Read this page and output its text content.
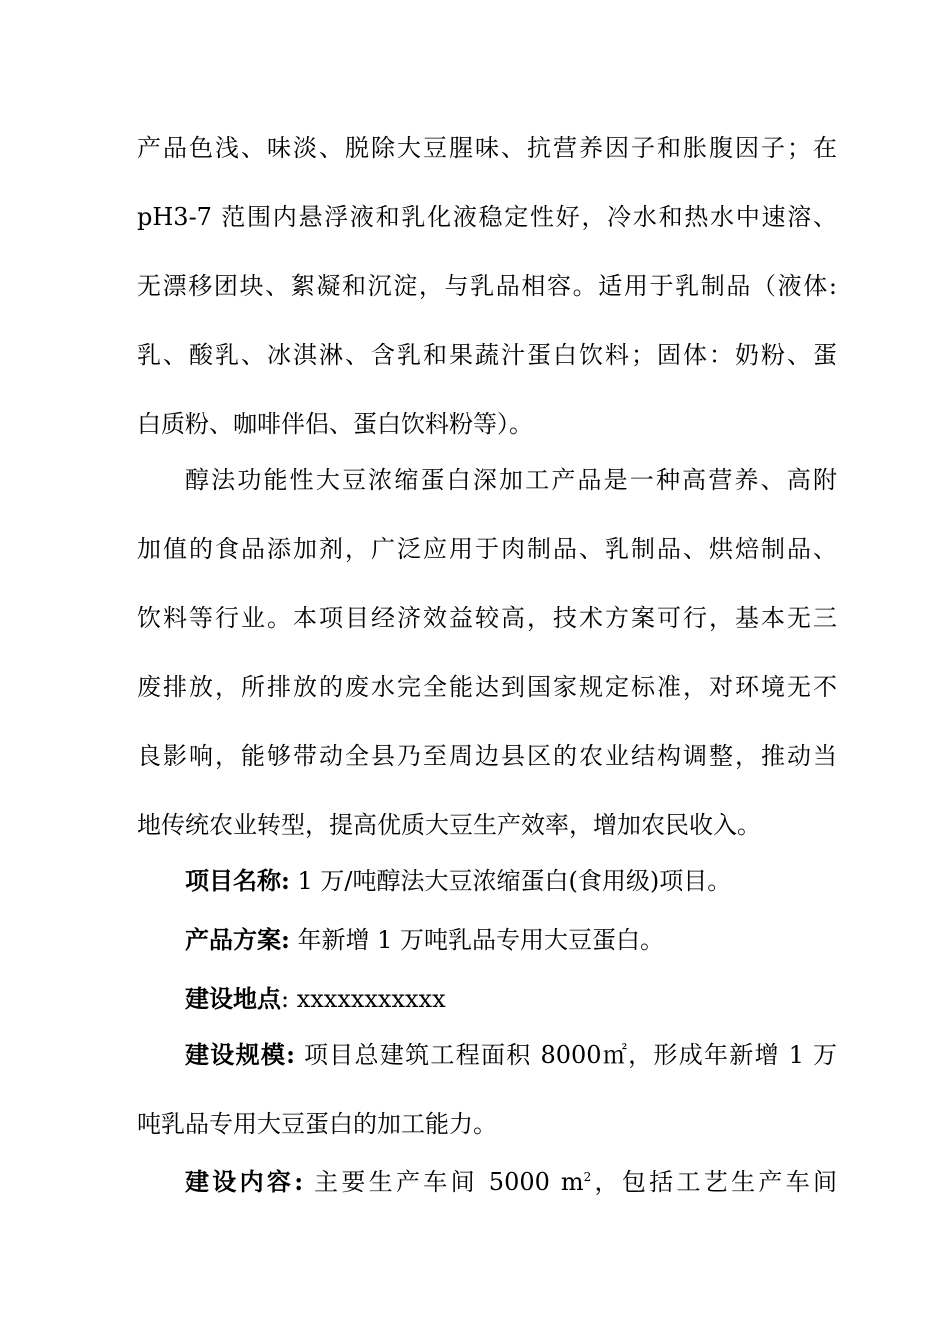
产品色浅、味淡、脱除大豆腥味、抗营养因子和胀腹因子；在
pH3-7 范围内悬浮液和乳化液稳定性好，冷水和热水中速溶、
无漂移团块、絮凝和沉淀，与乳品相容。适用于乳制品（液体:
乳、酸乳、冰淇淋、含乳和果蔬汁蛋白饮料；固体：奶粉、蛋
白质粉、咖啡伴侣、蛋白饮料粉等）。
醇法功能性大豆浓缩蛋白深加工产品是一种高营养、高附
加值的食品添加剂，广泛应用于肉制品、乳制品、烘焙制品、
饮料等行业。本项目经济效益较高，技术方案可行，基本无三
废排放，所排放的废水完全能达到国家规定标准，对环境无不
良影响，能够带动全县乃至周边县区的农业结构调整，推动当
地传统农业转型，提高优质大豆生产效率，增加农民收入。
项目名称: 1 万/吨醇法大豆浓缩蛋白(食用级)项目。
产品方案: 年新增 1 万吨乳品专用大豆蛋白。
建设地点: xxxxxxxxxxx
建设规模: 项目总建筑工程面积 8000㎡，形成年新增 1 万
吨乳品专用大豆蛋白的加工能力。
建设内容: 主要生产车间 5000 $m^2$，包括工艺生产车间
